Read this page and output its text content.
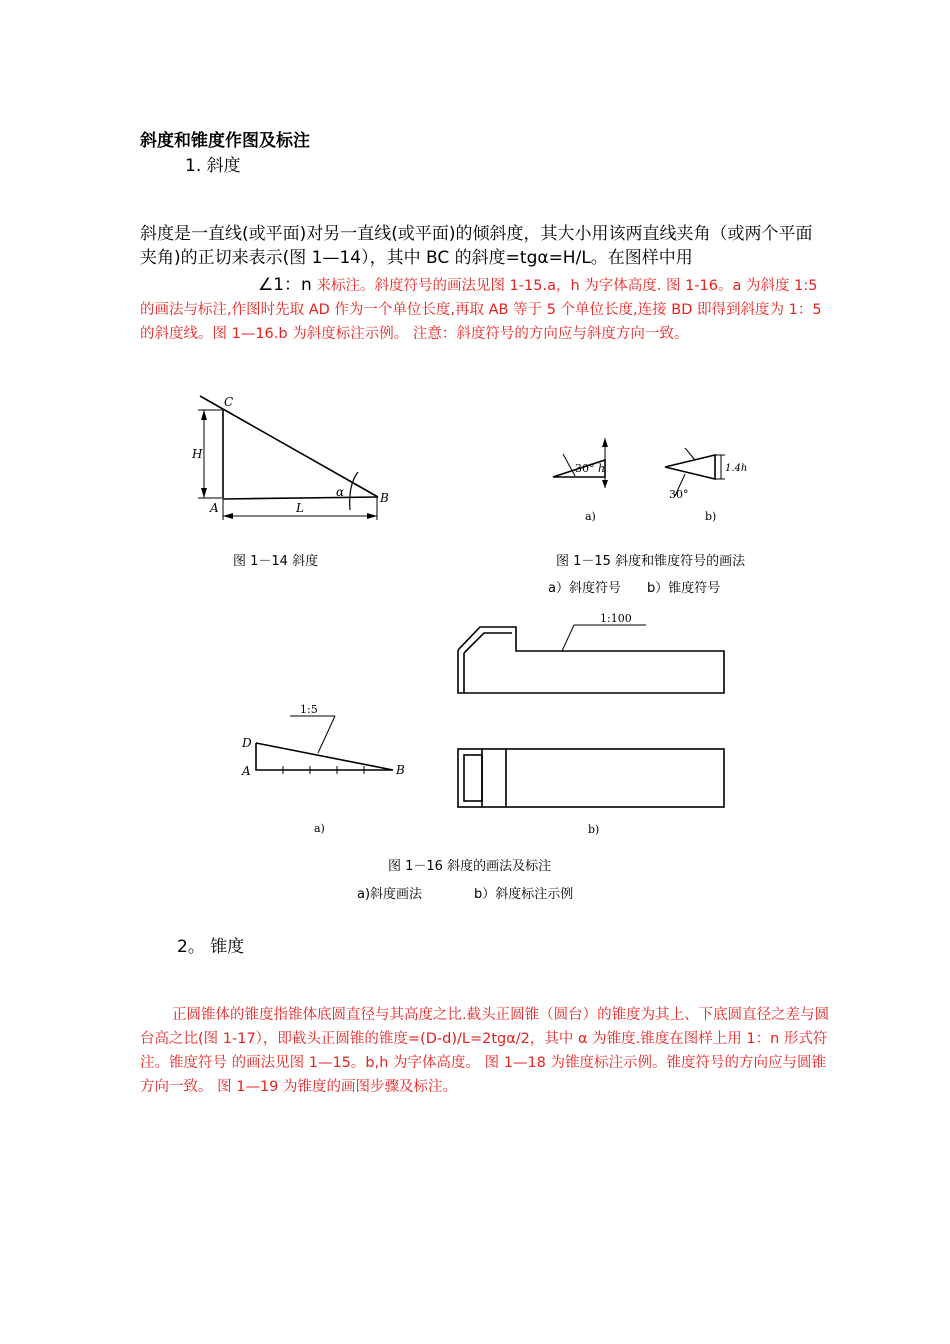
斜度和锥度作图及标注
1. 斜度
斜度是一直线(或平面)对另一直线(或平面)的倾斜度，其大小用该两直线夹角（或两个平面夹角)的正切来表示(图 1—14），其中 BC 的斜度=tgα=H/L。在图样中用
∠1：n 来标注。斜度符号的画法见图 1-15.a，h 为字体高度. 图 1-16。a 为斜度 1:5 的画法与标注,作图时先取 AD 作为一个单位长度,再取 AB 等于 5 个单位长度,连接 BD 即得到斜度为 1：5 的斜度线。图 1—16.b 为斜度标注示例。 注意：斜度符号的方向应与斜度方向一致。
C
H
A
B
L
α
图 1－14 斜度
30° h	1.4h
30°
a)	b)
图 1－15 斜度和锥度符号的画法
a）斜度符号　　b）锥度符号
1:5
D
A	B
a)
1:100
b)
图 1－16 斜度的画法及标注
a)斜度画法　　　　b）斜度标注示例
2。 锥度
正圆锥体的锥度指锥体底圆直径与其高度之比.截头正圆锥（圆台）的锥度为其上、下底圆直径之差与圆台高之比(图 1-17），即截头正圆锥的锥度=(D-d)/L=2tgα/2，其中 α 为锥度.锥度在图样上用 1：n 形式符注。锥度符号 的画法见图 1—15。b,h 为字体高度。 图 1—18 为锥度标注示例。锥度符号的方向应与圆锥方向一致。 图 1—19 为锥度的画图步骤及标注。
